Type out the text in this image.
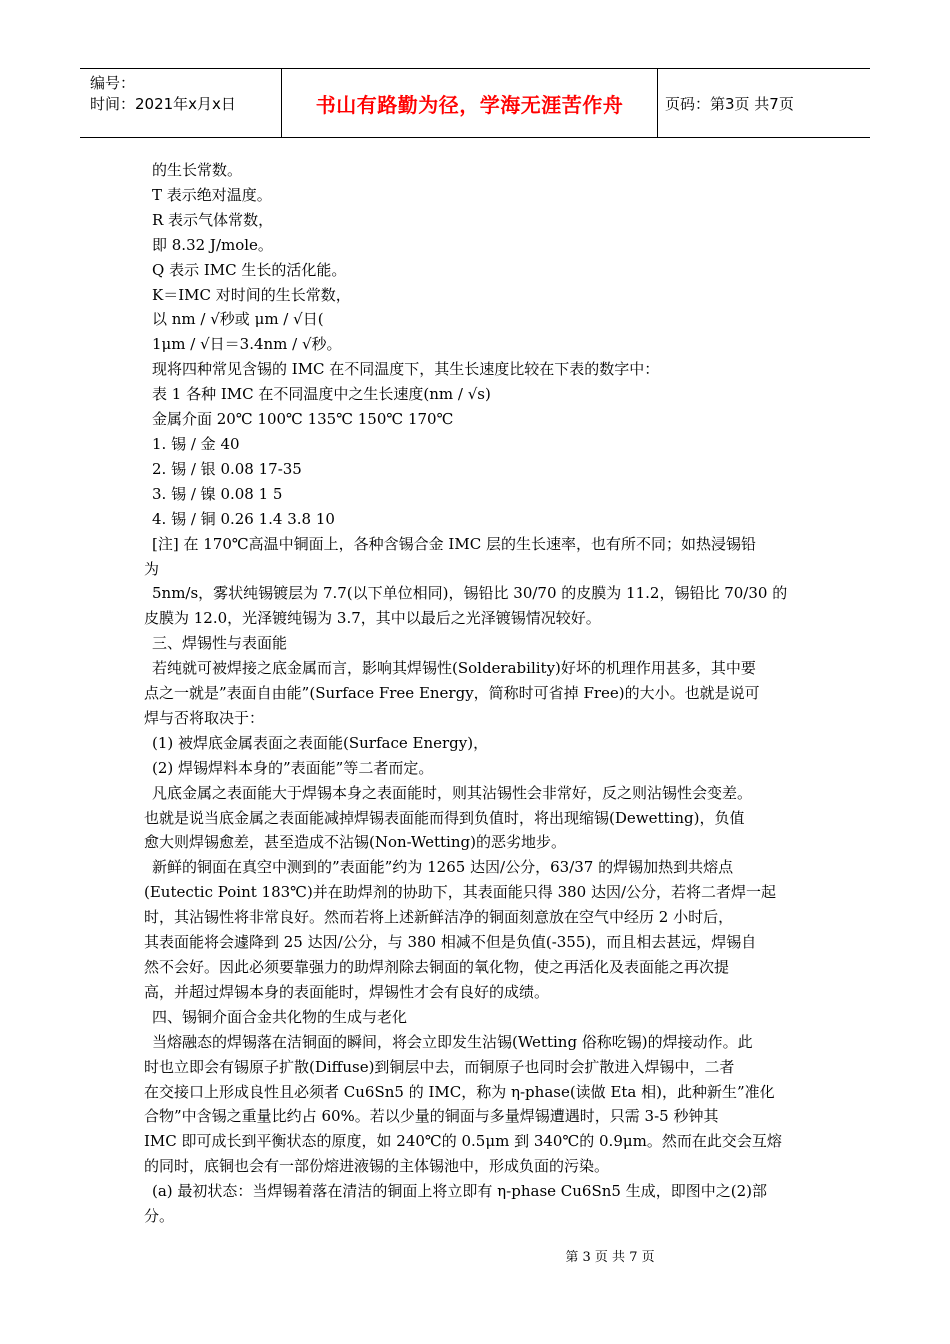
编号：
时间：2021年x月x日	书山有路勤为径，学海无涯苦作舟	页码：第3页 共7页

的生长常数。

T 表示绝对温度。

R 表示气体常数，

即 8.32 J/mole。

Q 表示 IMC 生长的活化能。

K＝IMC 对时间的生长常数，

以 nm / √秒或 μm / √日(

1μm / √日＝3.4nm / √秒。

现将四种常见含锡的 IMC 在不同温度下，其生长速度比较在下表的数字中：

表 1 各种 IMC 在不同温度中之生长速度(nm / √s)

金属介面 20℃ 100℃ 135℃ 150℃ 170℃

1. 锡 / 金 40

2. 锡 / 银 0.08 17-35

3. 锡 / 镍 0.08 1 5

4. 锡 / 铜 0.26 1.4 3.8 10

[注] 在 170℃高温中铜面上，各种含锡合金 IMC 层的生长速率，也有所不同；如热浸锡铅

为

5nm/s，雾状纯锡镀层为 7.7(以下单位相同)，锡铅比 30/70 的皮膜为 11.2，锡铅比 70/30 的

皮膜为 12.0，光泽镀纯锡为 3.7，其中以最后之光泽镀锡情况较好。

三、焊锡性与表面能

若纯就可被焊接之底金属而言，影响其焊锡性(Solderability)好坏的机理作用甚多，其中要

点之一就是”表面自由能”(Surface Free Energy，简称时可省掉 Free)的大小。也就是说可

焊与否将取决于：

(1) 被焊底金属表面之表面能(Surface Energy)，

(2) 焊锡焊料本身的”表面能”等二者而定。

凡底金属之表面能大于焊锡本身之表面能时，则其沾锡性会非常好，反之则沾锡性会变差。

也就是说当底金属之表面能减掉焊锡表面能而得到负值时，将出现缩锡(Dewetting)，负值

愈大则焊锡愈差，甚至造成不沾锡(Non-Wetting)的恶劣地步。

新鲜的铜面在真空中测到的”表面能”约为 1265 达因/公分，63/37 的焊锡加热到共熔点

(Eutectic Point 183℃)并在助焊剂的协助下，其表面能只得 380 达因/公分，若将二者焊一起

时，其沾锡性将非常良好。然而若将上述新鲜洁净的铜面刻意放在空气中经历 2 小时后，

其表面能将会遽降到 25 达因/公分，与 380 相减不但是负值(-355)，而且相去甚远，焊锡自

然不会好。因此必须要靠强力的助焊剂除去铜面的氧化物，使之再活化及表面能之再次提

高，并超过焊锡本身的表面能时，焊锡性才会有良好的成绩。

四、锡铜介面合金共化物的生成与老化

当熔融态的焊锡落在洁铜面的瞬间，将会立即发生沾锡(Wetting 俗称吃锡)的焊接动作。此

时也立即会有锡原子扩散(Diffuse)到铜层中去，而铜原子也同时会扩散进入焊锡中，二者

在交接口上形成良性且必须者 Cu6Sn5 的 IMC，称为 η-phase(读做 Eta 相)，此种新生”准化

合物”中含锡之重量比约占 60%。若以少量的铜面与多量焊锡遭遇时，只需 3-5 秒钟其

IMC 即可成长到平衡状态的原度，如 240℃的 0.5μm 到 340℃的 0.9μm。然而在此交会互熔

的同时，底铜也会有一部份熔进液锡的主体锡池中，形成负面的污染。

(a) 最初状态：当焊锡着落在清洁的铜面上将立即有 η-phase Cu6Sn5 生成，即图中之(2)部

分。

第 3 页 共 7 页
